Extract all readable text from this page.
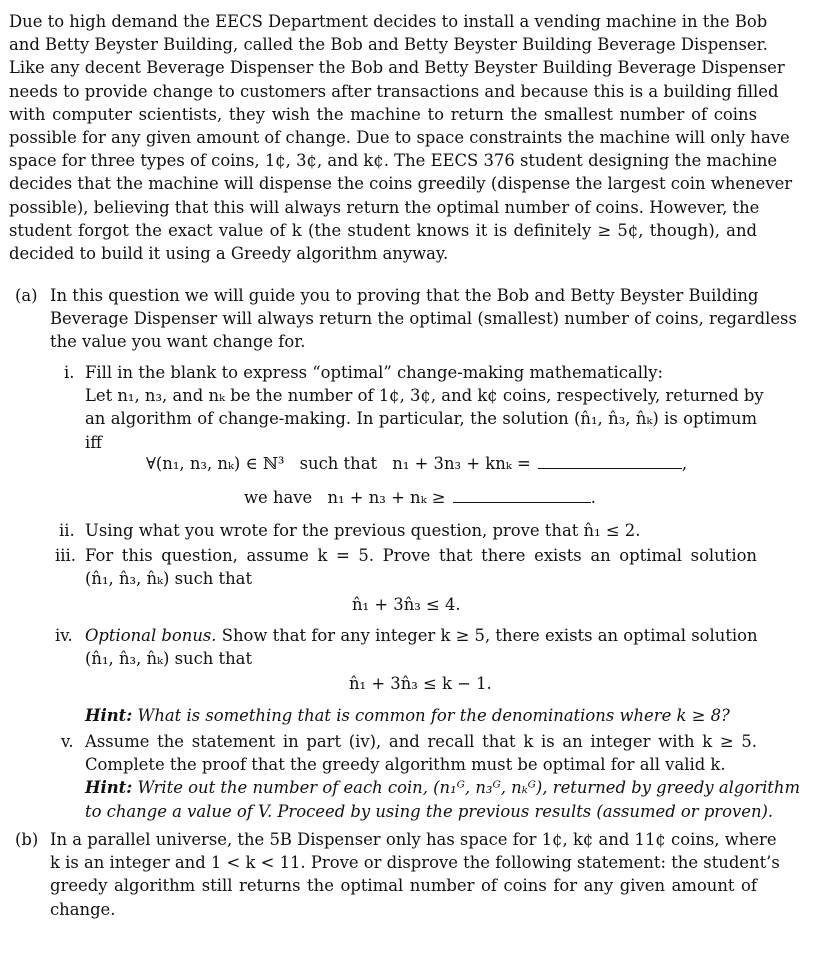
Due to high demand the EECS Department decides to install a vending machine in the Bob
and Betty Beyster Building, called the Bob and Betty Beyster Building Beverage Dispenser.
Like any decent Beverage Dispenser the Bob and Betty Beyster Building Beverage Dispenser
needs to provide change to customers after transactions and because this is a building filled
with computer scientists, they wish the machine to return the smallest number of coins
possible for any given amount of change. Due to space constraints the machine will only have
space for three types of coins, 1¢, 3¢, and k¢. The EECS 376 student designing the machine
decides that the machine will dispense the coins greedily (dispense the largest coin whenever
possible), believing that this will always return the optimal number of coins. However, the
student forgot the exact value of k (the student knows it is definitely ≥ 5¢, though), and
decided to build it using a Greedy algorithm anyway.
(a) In this question we will guide you to proving that the Bob and Betty Beyster Building
Beverage Dispenser will always return the optimal (smallest) number of coins, regardless
the value you want change for.
i. Fill in the blank to express “optimal” change-making mathematically:
Let n₁, n₃, and nₖ be the number of 1¢, 3¢, and k¢ coins, respectively, returned by
an algorithm of change-making. In particular, the solution (n̂₁, n̂₃, n̂ₖ) is optimum
iff
∀(n₁, n₃, nₖ) ∈ ℕ³ such that n₁ + 3n₃ + knₖ =	,
we have n₁ + n₃ + nₖ ≥	.
ii. Using what you wrote for the previous question, prove that n̂₁ ≤ 2.
iii. For this question, assume k = 5. Prove that there exists an optimal solution
(n̂₁, n̂₃, n̂ₖ) such that
n̂₁ + 3n̂₃ ≤ 4.
iv. Optional bonus. Show that for any integer k ≥ 5, there exists an optimal solution
(n̂₁, n̂₃, n̂ₖ) such that
n̂₁ + 3n̂₃ ≤ k − 1.
Hint: What is something that is common for the denominations where k ≥ 8?
v. Assume the statement in part (iv), and recall that k is an integer with k ≥ 5.
Complete the proof that the greedy algorithm must be optimal for all valid k.
Hint: Write out the number of each coin, (n₁ᴳ, n₃ᴳ, nₖᴳ), returned by greedy algorithm
to change a value of V. Proceed by using the previous results (assumed or proven).
(b) In a parallel universe, the 5B Dispenser only has space for 1¢, k¢ and 11¢ coins, where
k is an integer and 1 < k < 11. Prove or disprove the following statement: the student’s
greedy algorithm still returns the optimal number of coins for any given amount of
change.
